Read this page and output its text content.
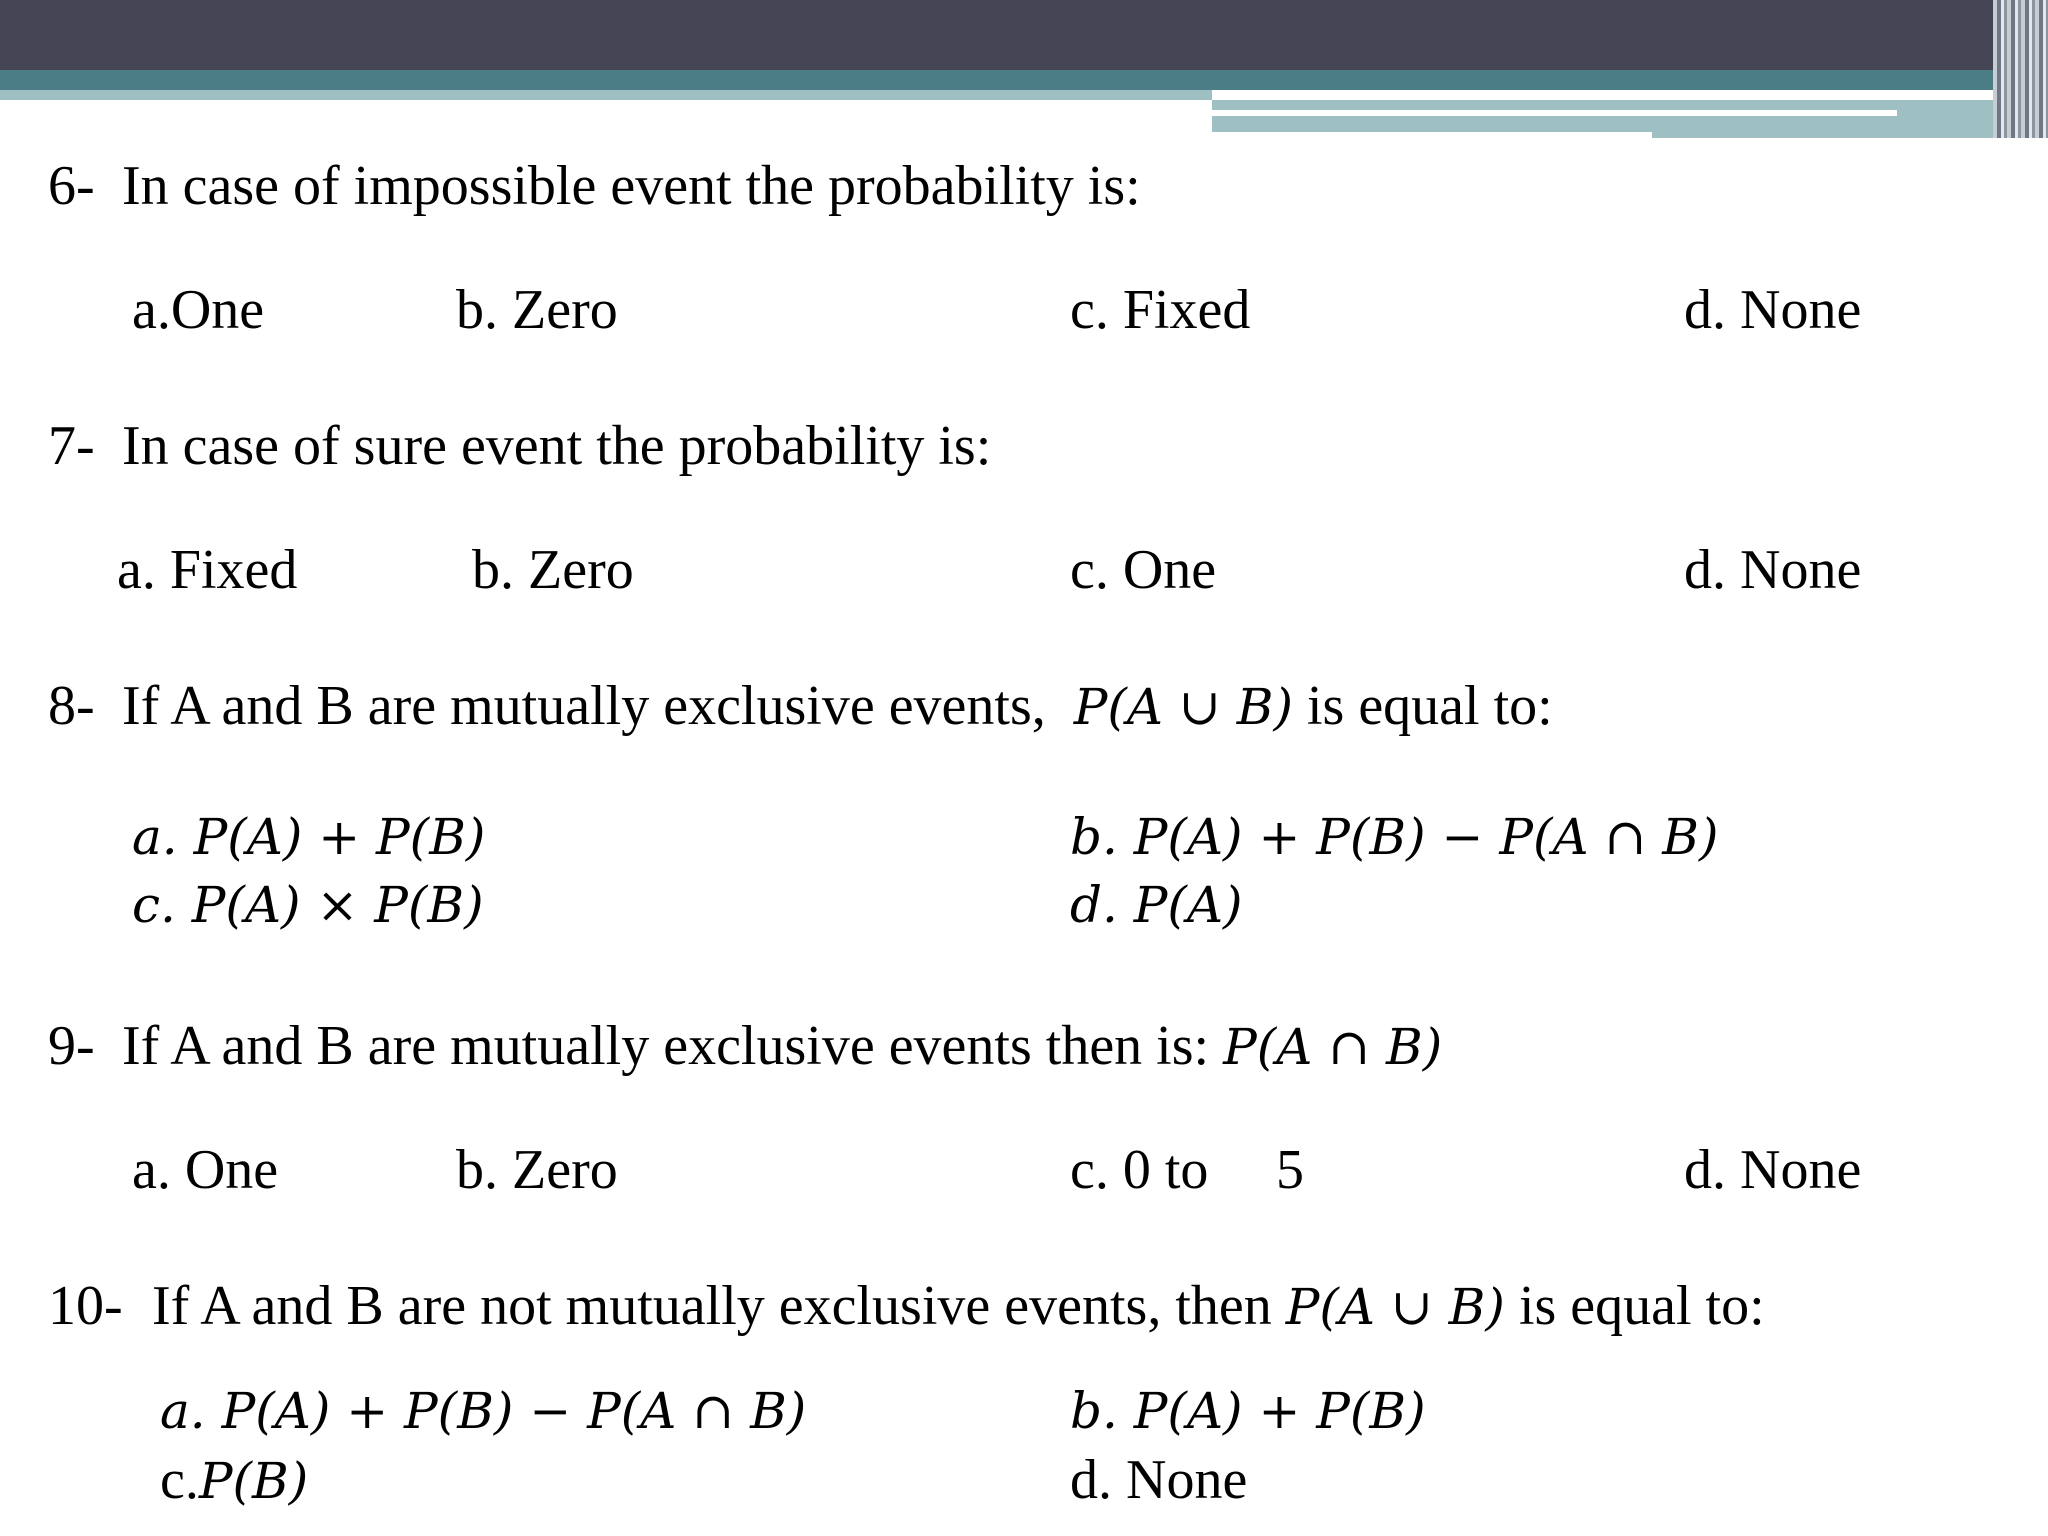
6- In case of impossible event the probability is:
a.One	b. Zero	c. Fixed	d. None
7- In case of sure event the probability is:
a. Fixed	b. Zero	c. One	d. None
8- If A and B are mutually exclusive events, P(A ∪ B) is equal to:
a. P(A) + P(B)	b. P(A) + P(B) − P(A ∩ B)
c. P(A) × P(B)	d. P(A)
9- If A and B are mutually exclusive events then is: P(A ∩ B)
a. One	b. Zero	c. 0 to 5	d. None
10- If A and B are not mutually exclusive events, then P(A ∪ B) is equal to:
a. P(A) + P(B) − P(A ∩ B)	b. P(A) + P(B)
c.P(B)	d. None
